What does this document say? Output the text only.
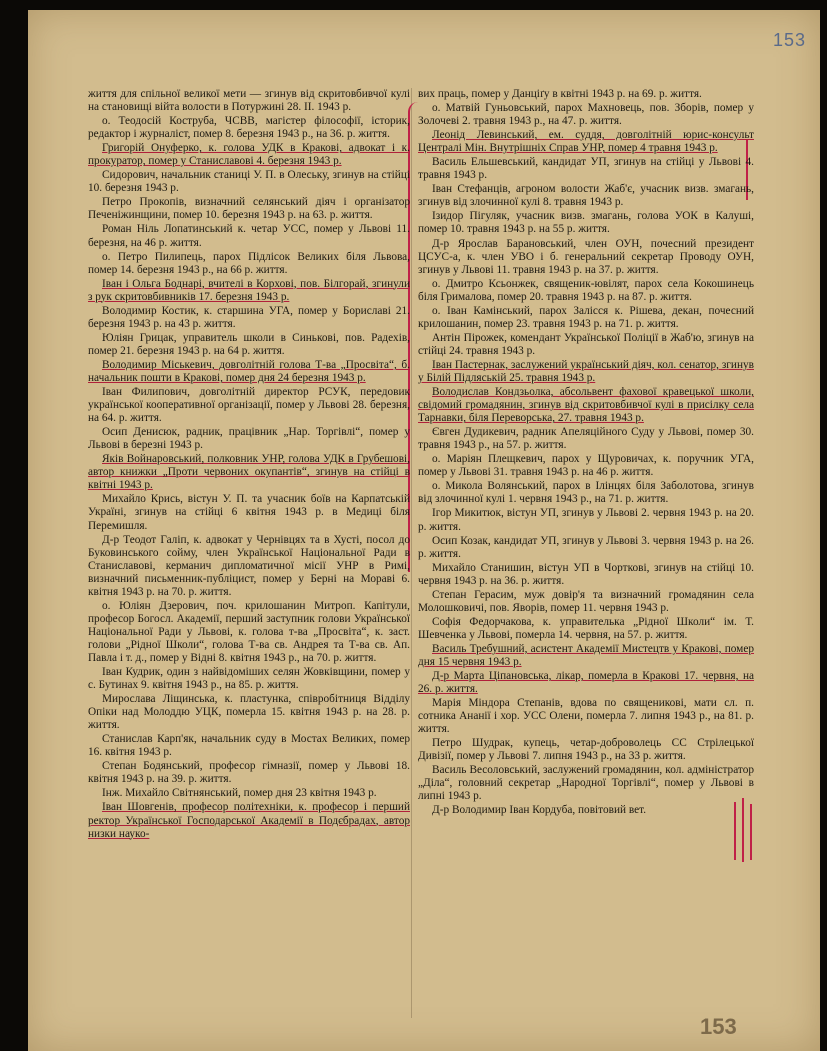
153

життя для спільної великої мети — згинув від скритовбивчої кулі на становищі війта волости в Потуржині 28. ІІ. 1943 р.

о. Теодосій Коструба, ЧСВВ, магістер філософії, історик, редактор і журналіст, помер 8. березня 1943 р., на 36. р. життя.

Григорій Онуферко, к. голова УДК в Кракові, адвокат і к. прокуратор, помер у Станиславові 4. березня 1943 р.

Сидорович, начальник станиці У. П. в Олеську, згинув на стійці 10. березня 1943 р.

Петро Прокопів, визначний селянський діяч і організатор Печеніжинщини, помер 10. березня 1943 р. на 63. р. життя.

Роман Ніль Лопатинський к. четар УСС, помер у Львові 11. березня, на 46 р. життя.

о. Петро Пилипець, парох Підлісок Великих біля Львова, помер 14. березня 1943 р., на 66 р. життя.

Іван і Ольга Боднарі, вчителі в Корхові, пов. Білгорай, згинули з рук скритовбивників 17. березня 1943 р.

Володимир Костик, к. старшина УГА, помер у Бориславі 21. березня 1943 р. на 43 р. життя.

Юліян Грицак, управитель школи в Синькові, пов. Радехів, помер 21. березня 1943 р. на 64 р. життя.

Володимир Міськевич, довголітній голова Т-ва „Просвіта“, б. начальник пошти в Кракові, помер дня 24 березня 1943 р.

Іван Филипович, довголітній директор РСУК, передовик української кооперативної організації, помер у Львові 28. березня, на 64. р. життя.

Осип Денисюк, радник, працівник „Нар. Торгівлі“, помер у Львові в березні 1943 р.

Яків Войнаровський, полковник УНР, голова УДК в Грубешові, автор книжки „Проти червоних окупантів“, згинув на стійці в квітні 1943 р.

Михайло Крись, вістун У. П. та учасник боїв на Карпатській Україні, згинув на стійці 6 квітня 1943 р. в Медиці біля Перемишля.

Д-р Теодот Галіп, к. адвокат у Чернівцях та в Хусті, посол до Буковинського сойму, член Української Національної Ради в Станиславові, керманич дипломатичної місії УНР в Римі, визначний письменник-публіцист, помер у Берні на Мораві 6. квітня 1943 р. на 70. р. життя.

о. Юліян Дзерович, поч. крилошанин Митроп. Капітули, професор Богосл. Академії, перший заступник голови Української Національної Ради у Львові, к. голова т-ва „Просвіта“, к. заст. голови „Рідної Школи“, голова Т-ва св. Андрея та Т-ва св. Ап. Павла і т. д., помер у Відні 8. квітня 1943 р., на 70. р. життя.

Іван Кудрик, один з найвідоміших селян Жовківщини, помер у с. Бутинах 9. квітня 1943 р., на 85. р. життя.

Мирослава Ліщинська, к. пластунка, співробітниця Відділу Опіки над Молоддю УЦК, померла 15. квітня 1943 р. на 28. р. життя.

Станислав Карп'як, начальник суду в Мостах Великих, помер 16. квітня 1943 р.

Степан Бодянський, професор гімназії, помер у Львові 18. квітня 1943 р. на 39. р. життя.

Інж. Михайло Світнянський, помер дня 23 квітня 1943 р.

Іван Шовгенів, професор політехніки, к. професор і перший ректор Української Господарської Академії в Подєбрадах, автор низки науко-

вих праць, помер у Данціґу в квітні 1943 р. на 69. р. життя.

о. Матвій Гуньовський, парох Махновець, пов. Зборів, помер у Золочеві 2. травня 1943 р., на 47. р. життя.

Леонід Левинський, ем. суддя, довголітній юрис-консульт Централі Мін. Внутрішніх Справ УНР, помер 4 травня 1943 р.

Василь Ельшевський, кандидат УП, згинув на стійці у Львові 4. травня 1943 р.

Іван Стефанців, агроном волости Жаб'є, учасник визв. змагань, згинув від злочинної кулі 8. травня 1943 р.

Ізидор Пігуляк, учасник визв. змагань, голова УОК в Калуші, помер 10. травня 1943 р. на 55 р. життя.

Д-р Ярослав Барановський, член ОУН, почесний президент ЦСУС-а, к. член УВО і б. генеральний секретар Проводу ОУН, згинув у Львові 11. травня 1943 р. на 37. р. життя.

о. Дмитро Ксьонжек, священик-ювілят, парох села Кокошинець біля Грималова, помер 20. травня 1943 р. на 87. р. життя.

о. Іван Камінський, парох Залісся к. Рішева, декан, почесний крилошанин, помер 23. травня 1943 р. на 71. р. життя.

Антін Пірожек, комендант Української Поліції в Жаб'ю, згинув на стійці 24. травня 1943 р.

Іван Пастернак, заслужений український діяч, кол. сенатор, згинув у Білій Підляській 25. травня 1943 р.

Володислав Кондзьолка, абсольвент фахової кравецької школи, свідомий громадянин, згинув від скритовбивчої кулі в присілку села Тарнавки, біля Переворська, 27. травня 1943 р.

Євген Дудикевич, радник Апеляційного Суду у Львові, помер 30. травня 1943 р., на 57. р. життя.

о. Маріян Плещкевич, парох у Щуровичах, к. поручник УГА, помер у Львові 31. травня 1943 р. на 46 р. життя.

о. Микола Волянський, парох в Ілінцях біля Заболотова, згинув від злочинної кулі 1. червня 1943 р., на 71. р. життя.

Ігор Микитюк, вістун УП, згинув у Львові 2. червня 1943 р. на 20. р. життя.

Осип Козак, кандидат УП, згинув у Львові 3. червня 1943 р. на 26. р. життя.

Михайло Станишин, вістун УП в Чорткові, згинув на стійці 10. червня 1943 р. на 36. р. життя.

Степан Герасим, муж довір'я та визначний громадянин села Молошковичі, пов. Яворів, помер 11. червня 1943 р.

Софія Федорчакова, к. управителька „Рідної Школи“ ім. Т. Шевченка у Львові, померла 14. червня, на 57. р. життя.

Василь Требушний, асистент Академії Мистецтв у Кракові, помер дня 15 червня 1943 р.

Д-р Марта Ціпановська, лікар, померла в Кракові 17. червня, на 26. р. життя.

Марія Міндора Степанів, вдова по священикові, мати сл. п. сотника Ананії і хор. УСС Олени, померла 7. липня 1943 р., на 81. р. життя.

Петро Шудрак, купець, четар-доброволець СС Стрілецької Дивізії, помер у Львові 7. липня 1943 р., на 33 р. життя.

Василь Весоловський, заслужений громадянин, кол. адміністратор „Діла“, головний секретар „Народної Торгівлі“, помер у Львові в липні 1943 р.

Д-р Володимир Іван Кордуба, повітовий вет.

153
